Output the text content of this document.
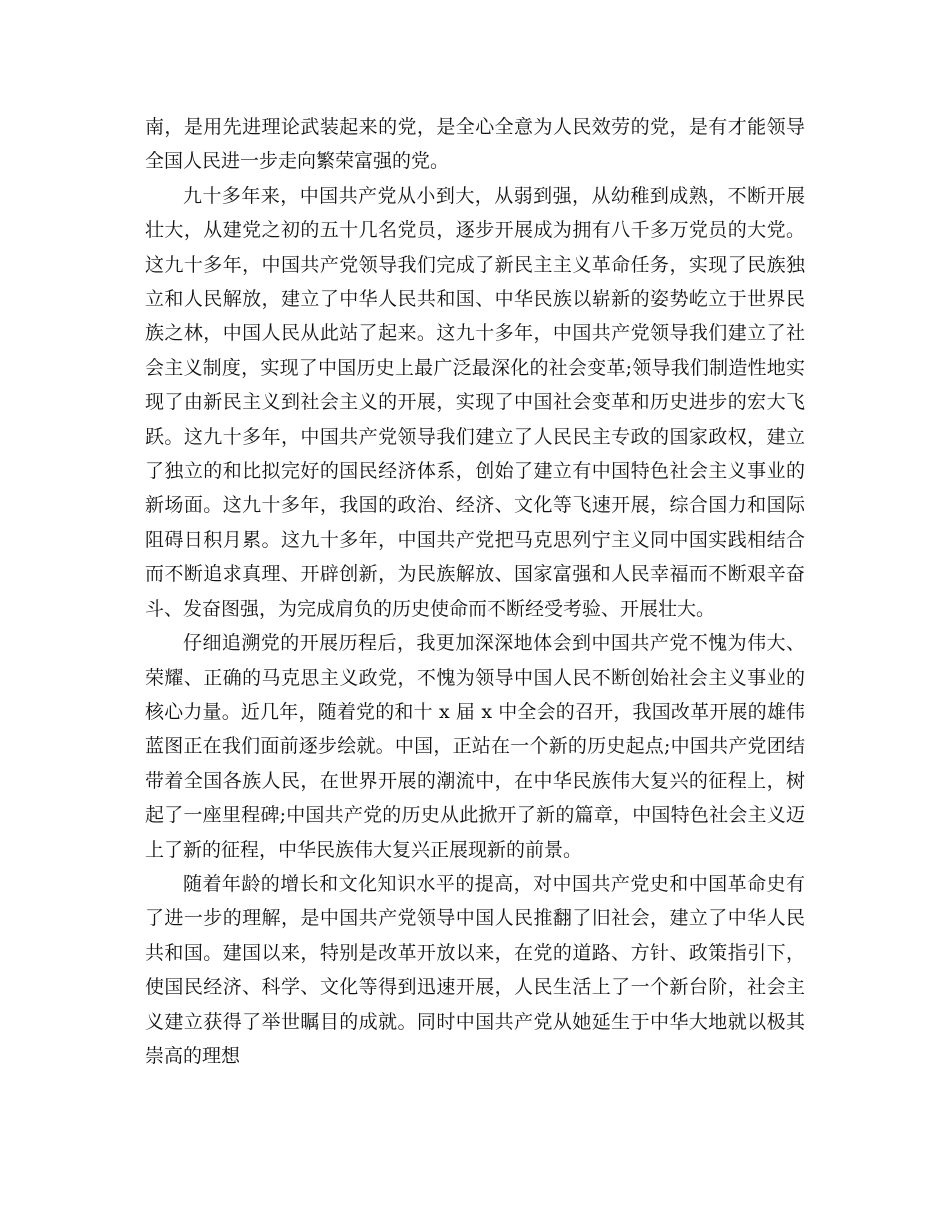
南，是用先进理论武装起来的党，是全心全意为人民效劳的党，是有才能领导全国人民进一步走向繁荣富强的党。

九十多年来，中国共产党从小到大，从弱到强，从幼稚到成熟，不断开展壮大，从建党之初的五十几名党员，逐步开展成为拥有八千多万党员的大党。这九十多年，中国共产党领导我们完成了新民主主义革命任务，实现了民族独立和人民解放，建立了中华人民共和国、中华民族以崭新的姿势屹立于世界民族之林，中国人民从此站了起来。这九十多年，中国共产党领导我们建立了社会主义制度，实现了中国历史上最广泛最深化的社会变革;领导我们制造性地实现了由新民主义到社会主义的开展，实现了中国社会变革和历史进步的宏大飞跃。这九十多年，中国共产党领导我们建立了人民民主专政的国家政权，建立了独立的和比拟完好的国民经济体系，创始了建立有中国特色社会主义事业的新场面。这九十多年，我国的政治、经济、文化等飞速开展，综合国力和国际阻碍日积月累。这九十多年，中国共产党把马克思列宁主义同中国实践相结合而不断追求真理、开辟创新，为民族解放、国家富强和人民幸福而不断艰辛奋斗、发奋图强，为完成肩负的历史使命而不断经受考验、开展壮大。

仔细追溯党的开展历程后，我更加深深地体会到中国共产党不愧为伟大、荣耀、正确的马克思主义政党，不愧为领导中国人民不断创始社会主义事业的核心力量。近几年，随着党的和十 x 届 x 中全会的召开，我国改革开展的雄伟蓝图正在我们面前逐步绘就。中国，正站在一个新的历史起点;中国共产党团结带着全国各族人民，在世界开展的潮流中，在中华民族伟大复兴的征程上，树起了一座里程碑;中国共产党的历史从此掀开了新的篇章，中国特色社会主义迈上了新的征程，中华民族伟大复兴正展现新的前景。

随着年龄的增长和文化知识水平的提高，对中国共产党史和中国革命史有了进一步的理解，是中国共产党领导中国人民推翻了旧社会，建立了中华人民共和国。建国以来，特别是改革开放以来，在党的道路、方针、政策指引下，使国民经济、科学、文化等得到迅速开展，人民生活上了一个新台阶，社会主义建立获得了举世瞩目的成就。同时中国共产党从她延生于中华大地就以极其崇高的理想
